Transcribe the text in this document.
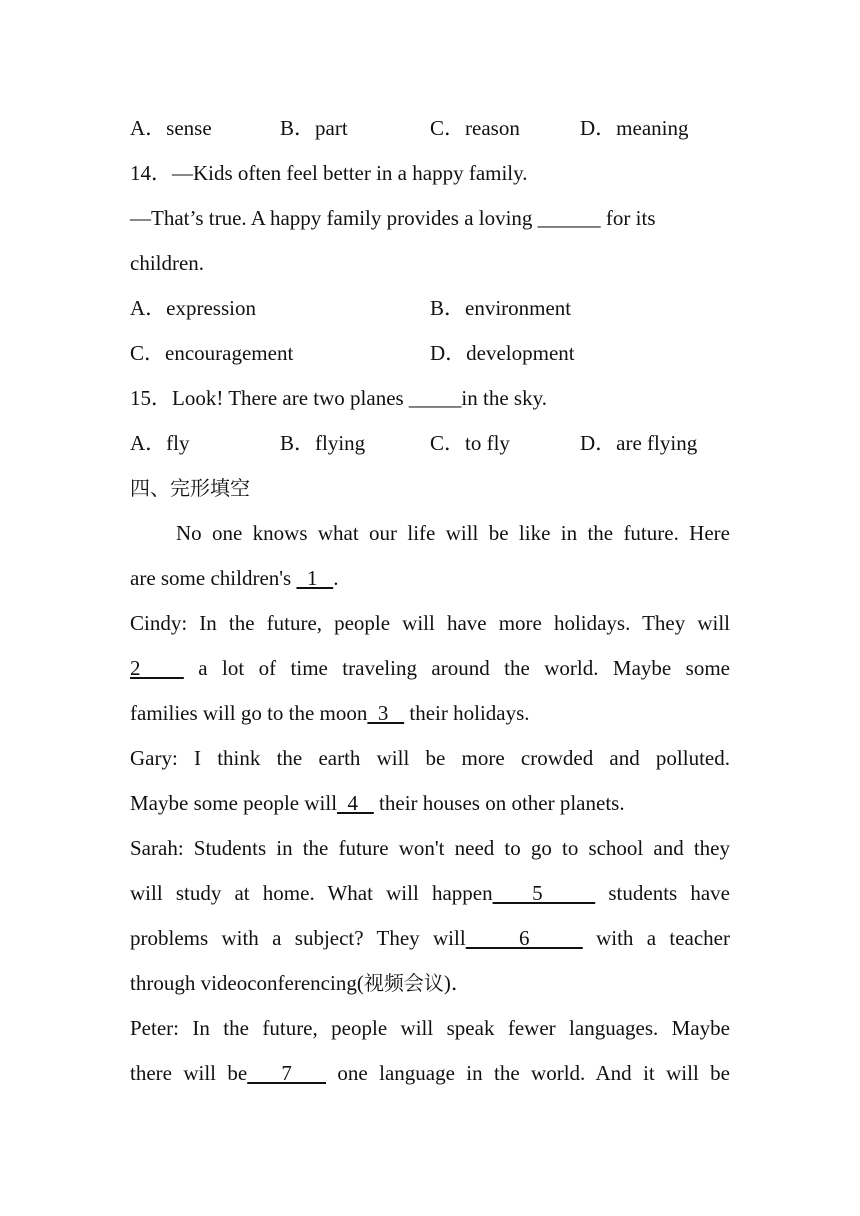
A．sense	B．part	C．reason	D．meaning
14．—Kids often feel better in a happy family.
—That’s true. A happy family provides a loving ______ for its
children.
A．expression	B．environment
C．encouragement	D．development
15．Look! There are two planes _____in the sky.
A．fly	B．flying	C．to fly	D．are flying
四、完形填空
No one knows what our life will be like in the future. Here
are some children's   1   .
Cindy: In the future, people will have more holidays. They will
2    a lot of time traveling around the world. Maybe some
families will go to the moon  3    their holidays.
Gary: I think the earth will be more crowded and polluted.
Maybe some people will  4    their houses on other planets.
Sarah: Students in the future won't need to go to school and they
will study at home. What will happen   5     students have
problems with a subject? They will    6     with a teacher
through videoconferencing(视频会议)．
Peter: In the future, people will speak fewer languages. Maybe
there will be   7    one language in the world. And it will be
